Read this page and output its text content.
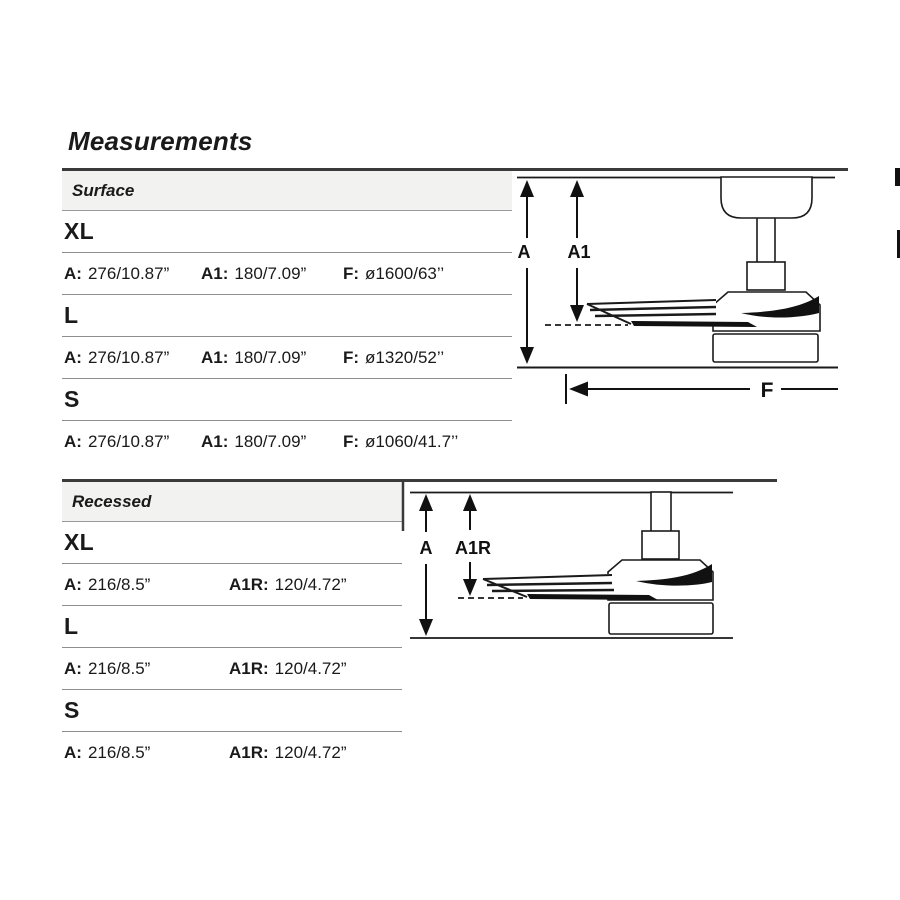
Measurements
Surface
XL
A: 276/10.87” A1: 180/7.09” F: ø1600/63’’
L
A: 276/10.87” A1: 180/7.09” F: ø1320/52’’
S
A: 276/10.87” A1: 180/7.09” F: ø1060/41.7’’
Recessed
XL
A: 216/8.5”	A1R: 120/4.72”
L
A: 216/8.5”	A1R: 120/4.72”
S
A: 216/8.5”	A1R: 120/4.72”
A A1
F
A A1R
